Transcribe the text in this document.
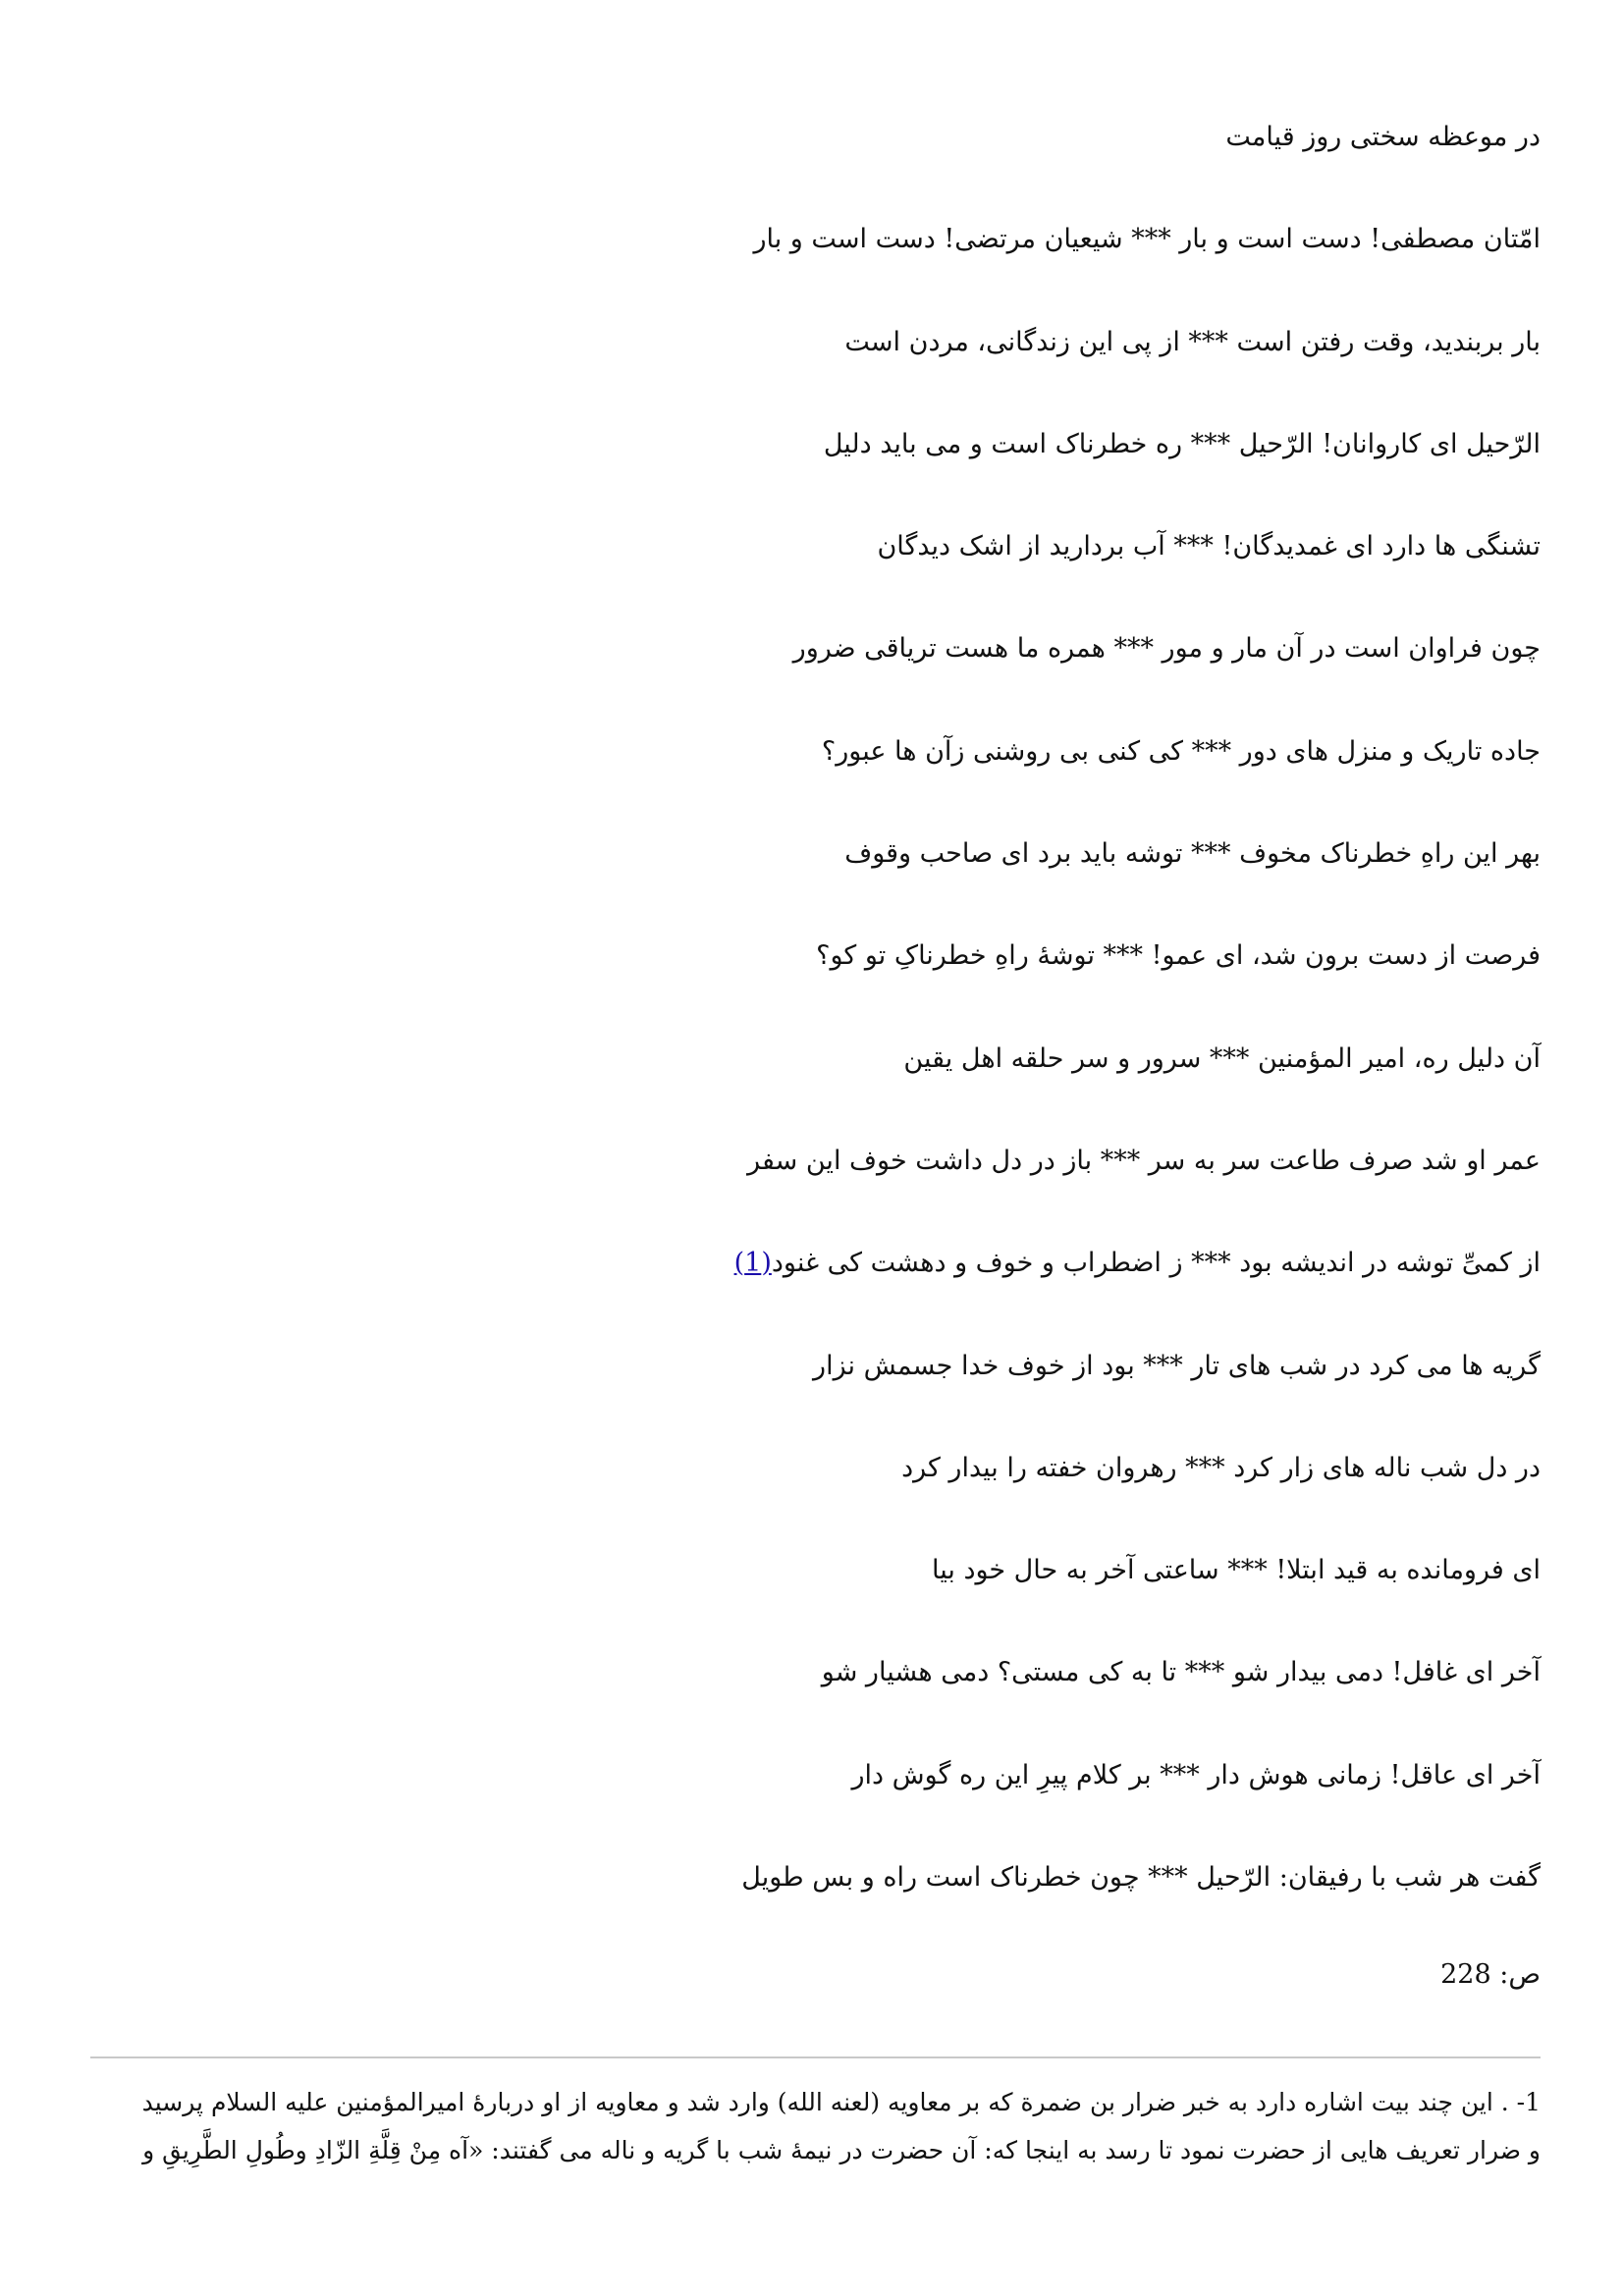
در موعظه سختی روز قیامت
امّتان مصطفی! دست است و بار *** شیعیان مرتضی! دست است و بار
بار بربندید، وقت رفتن است *** از پی این زندگانی، مردن است
الرّحیل ای کاروانان! الرّحیل *** ره خطرناک است و می باید دلیل
تشنگی ها دارد ای غمدیدگان! *** آب بردارید از اشک دیدگان
چون فراوان است در آن مار و مور *** همره ما هست تریاقی ضرور
جاده تاریک و منزل های دور *** کی کنی بی روشنی زآن ها عبور؟
بهر این راهِ خطرناک مخوف *** توشه باید برد ای صاحب وقوف
فرصت از دست برون شد، ای عمو! *** توشۀ راهِ خطرناکِ تو کو؟
آن دلیل ره، امیر المؤمنین *** سرور و سر حلقه اهل یقین
عمر او شد صرف طاعت سر به سر *** باز در دل داشت خوف این سفر
از کمیِّ توشه در اندیشه بود *** ز اضطراب و خوف و دهشت کی غنود(1)
گریه ها می کرد در شب های تار *** بود از خوف خدا جسمش نزار
در دل شب ناله های زار کرد *** رهروان خفته را بیدار کرد
ای فرومانده به قید ابتلا! *** ساعتی آخر به حال خود بیا
آخر ای غافل! دمی بیدار شو *** تا به کی مستی؟ دمی هشیار شو
آخر ای عاقل! زمانی هوش دار *** بر کلام پیرِ این ره گوش دار
گفت هر شب با رفیقان: الرّحیل *** چون خطرناک است راه و بس طویل
ص: 228
1- . این چند بیت اشاره دارد به خبر ضرار بن ضمرة که بر معاویه (لعنه الله) وارد شد و معاویه از او دربارۀ امیرالمؤمنین علیه السلام پرسید
و ضرار تعریف هایی از حضرت نمود تا رسد به اینجا که: آن حضرت در نیمۀ شب با گریه و ناله می گفتند: «آه مِنْ قِلَّةِ الزّادِ وطُولِ الطَّرِیقِ و
